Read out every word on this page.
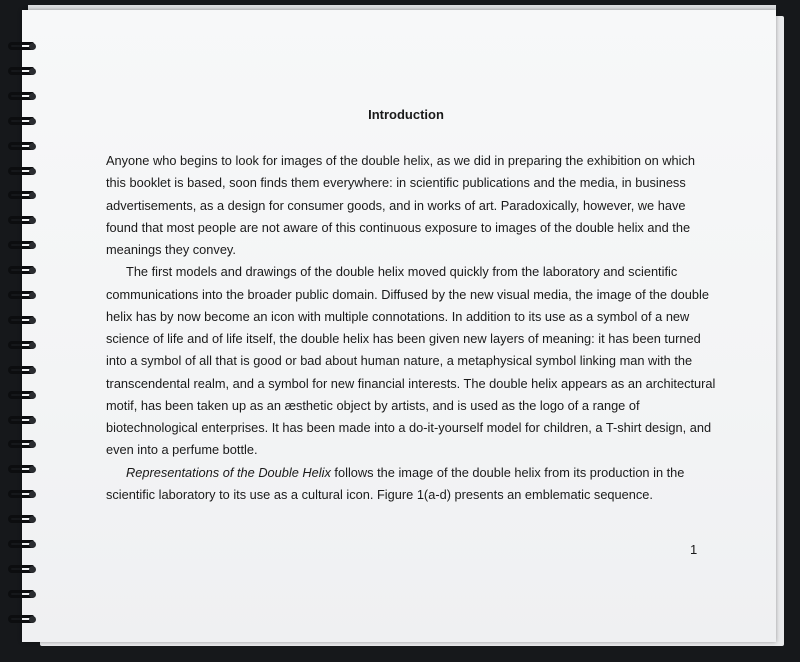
Introduction

Anyone who begins to look for images of the double helix, as we did in preparing the exhibition on which this booklet is based, soon finds them everywhere: in scientific publications and the media, in business advertisements, as a design for consumer goods, and in works of art. Paradoxically, however, we have found that most people are not aware of this continuous exposure to images of the double helix and the meanings they convey.

The first models and drawings of the double helix moved quickly from the laboratory and scientific communications into the broader public domain. Diffused by the new visual media, the image of the double helix has by now become an icon with multiple connotations. In addition to its use as a symbol of a new science of life and of life itself, the double helix has been given new layers of meaning: it has been turned into a symbol of all that is good or bad about human nature, a metaphysical symbol linking man with the transcendental realm, and a symbol for new financial interests. The double helix appears as an architectural motif, has been taken up as an æsthetic object by artists, and is used as the logo of a range of biotechnological enterprises. It has been made into a do-it-yourself model for children, a T-shirt design, and even into a perfume bottle.

Representations of the Double Helix follows the image of the double helix from its production in the scientific laboratory to its use as a cultural icon. Figure 1(a-d) presents an emblematic sequence.

1
